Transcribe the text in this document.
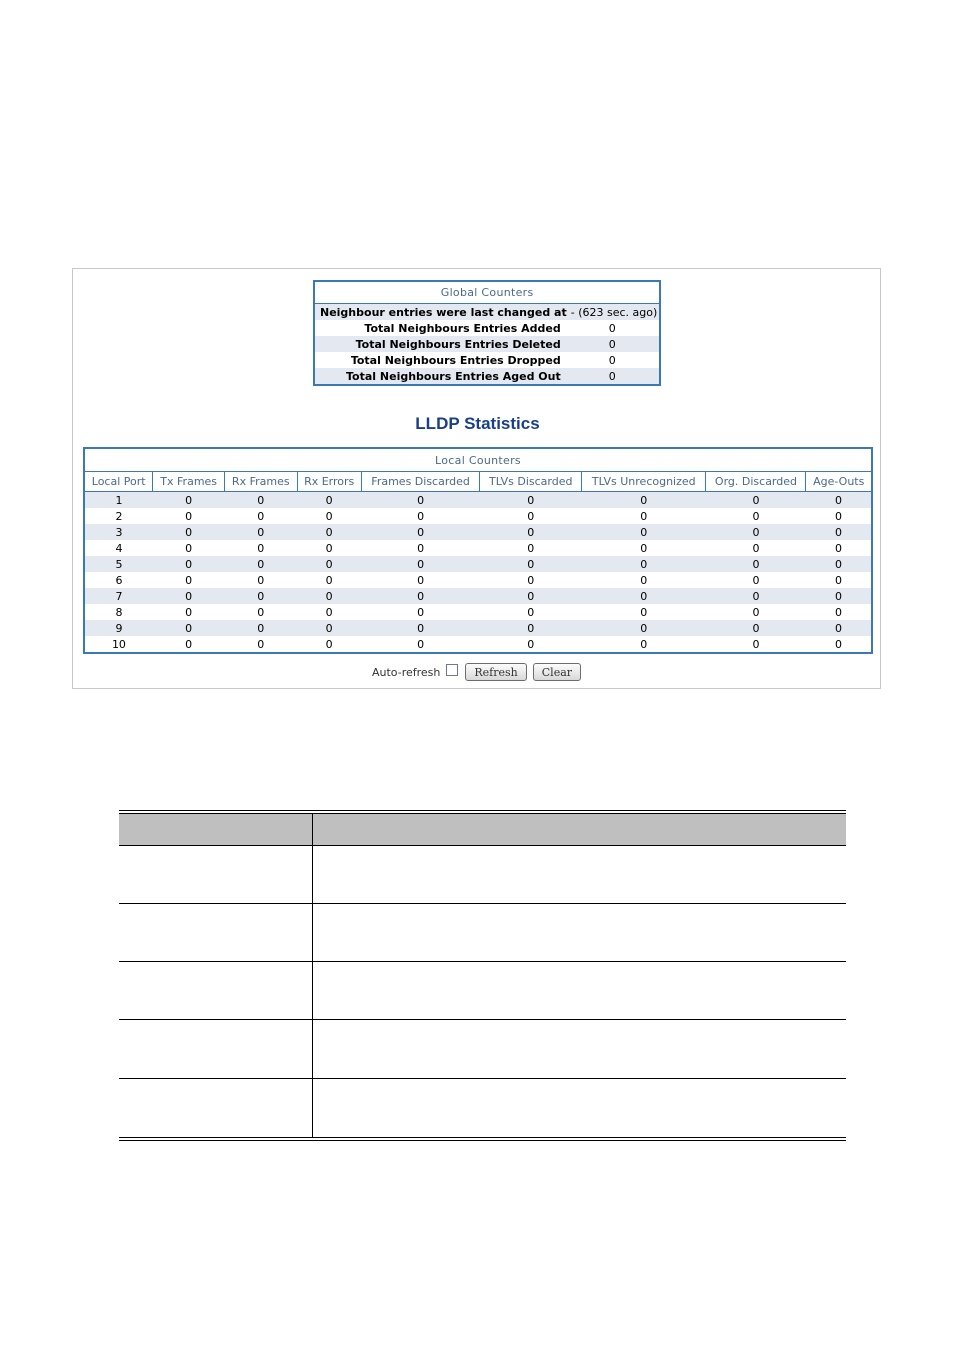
Global Counters	
Neighbour entries were last changed at	- (623 sec. ago)
Total Neighbours Entries Added	0
Total Neighbours Entries Deleted	0
Total Neighbours Entries Dropped	0
Total Neighbours Entries Aged Out	0
LLDP Statistics
Local Counters								
Local Port	Tx Frames	Rx Frames	Rx Errors	Frames Discarded	TLVs Discarded	TLVs Unrecognized	Org. Discarded	Age-Outs
1	0	0	0	0	0	0	0	0
2	0	0	0	0	0	0	0	0
3	0	0	0	0	0	0	0	0
4	0	0	0	0	0	0	0	0
5	0	0	0	0	0	0	0	0
6	0	0	0	0	0	0	0	0
7	0	0	0	0	0	0	0	0
8	0	0	0	0	0	0	0	0
9	0	0	0	0	0	0	0	0
10	0	0	0	0	0	0	0	0
Auto-refresh	Refresh	Clear
